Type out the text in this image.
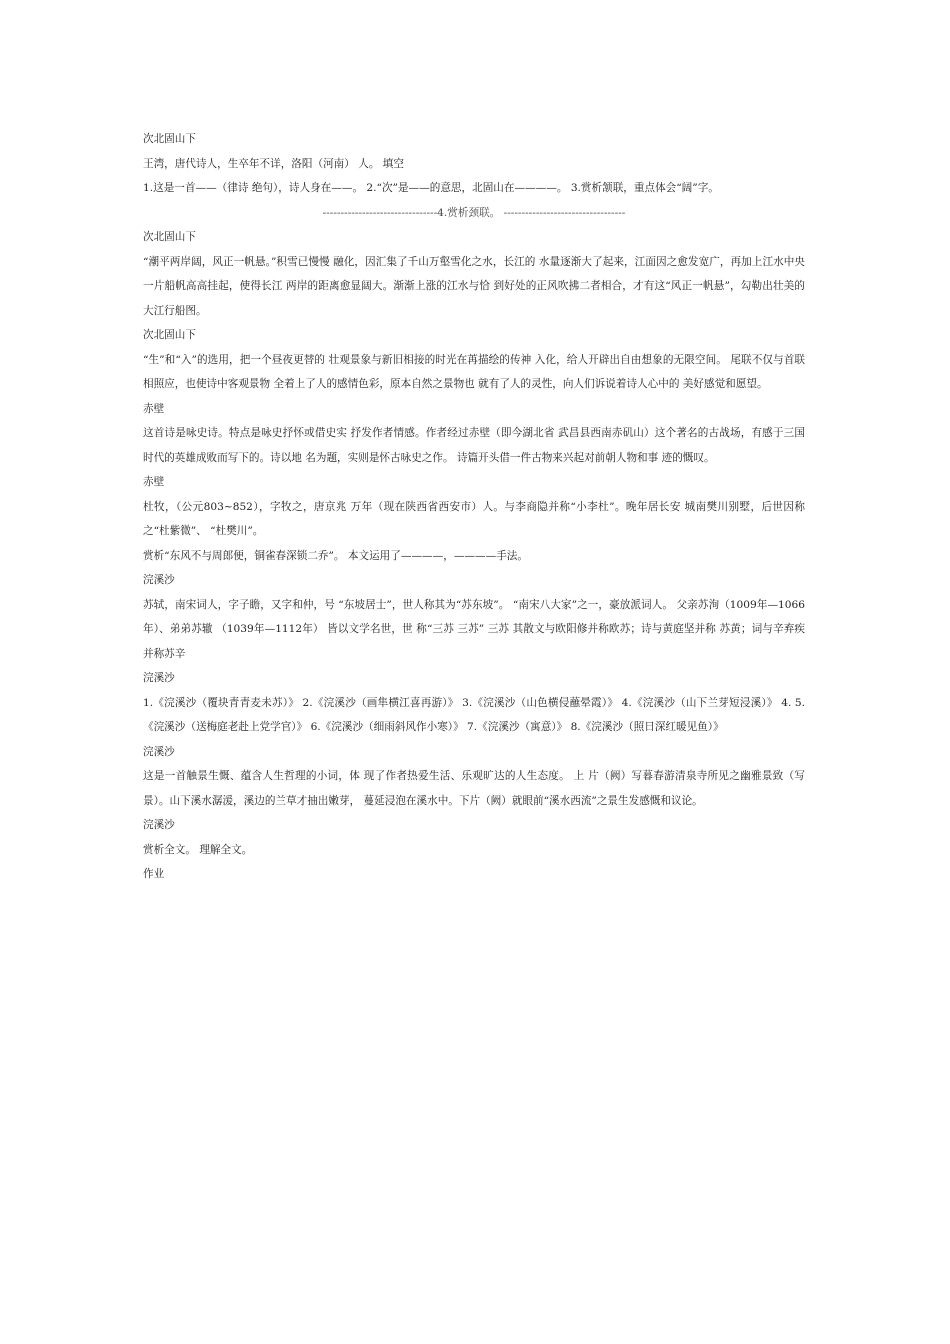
次北固山下

王湾，唐代诗人，生卒年不详，洛阳（河南） 人。 填空

1.这是一首——（律诗 绝句），诗人身在——。 2.“次”是——的意思，北固山在————。 3.赏析颔联，重点体会“阔”字。

--------------------------------4.赏析颈联。 ----------------------------------

次北固山下

“潮平两岸阔，风正一帆悬。”积雪已慢慢 融化，因汇集了千山万壑雪化之水，长江的 水量逐渐大了起来，江面因之愈发宽广，再加上江水中央一片船帆高高挂起，使得长江 两岸的距离愈显阔大。渐渐上涨的江水与恰 到好处的正风吹拂二者相合，才有这“风正一帆悬”，勾勒出壮美的大江行船图。

次北固山下

“生”和“入”的选用，把一个昼夜更替的 壮观景象与新旧相接的时光在苒描绘的传神 入化，给人开辟出自由想象的无限空间。 尾联不仅与首联相照应，也使诗中客观景物 全着上了人的感情色彩，原本自然之景物也 就有了人的灵性，向人们诉说着诗人心中的 美好感觉和愿望。

赤壁

这首诗是咏史诗。特点是咏史抒怀或借史实 抒发作者情感。作者经过赤壁（即今湖北省 武昌县西南赤矶山）这个著名的古战场，有感于三国时代的英雄成败而写下的。诗以地 名为题，实则是怀古咏史之作。 诗篇开头借一件古物来兴起对前朝人物和事 迹的慨叹。

赤壁

杜牧，（公元803~852），字牧之，唐京兆 万年（现在陕西省西安市）人。与李商隐并称“小李杜”。晚年居长安 城南樊川别墅，后世因称之“杜紫微”、 “杜樊川”。

赏析“东风不与周郎便，铜雀春深锁二乔”。 本文运用了————，————手法。

浣溪沙

苏轼，南宋词人，字子瞻，又字和仲，号 “东坡居士”，世人称其为“苏东坡”。 “南宋八大家”之一，豪放派词人。 父亲苏洵（1009年—1066年）、弟弟苏辙 （1039年—1112年） 皆以文学名世，世 称“三苏 三苏” 三苏 其散文与欧阳修并称欧苏；诗与黄庭坚并称 苏黄；词与辛弃疾并称苏辛

浣溪沙

1.《浣溪沙（覆块青青麦未苏）》 2.《浣溪沙（画隼横江喜再游）》 3.《浣溪沙（山色横侵蘸晕霞）》 4.《浣溪沙（山下兰芽短浸溪）》 4. 5.《浣溪沙（送梅庭老赴上党学官）》 6.《浣溪沙（细雨斜风作小寒）》 7.《浣溪沙（寓意）》 8.《浣溪沙（照日深红暖见鱼）》

浣溪沙

这是一首触景生慨、蕴含人生哲理的小词，体 现了作者热爱生活、乐观旷达的人生态度。 上 片（阙）写暮春游清泉寺所见之幽雅景致（写 景）。山下溪水潺湲，溪边的兰草才抽出嫩芽， 蔓延浸泡在溪水中。下片（阙）就眼前“溪水西流”之景生发感慨和议论。

浣溪沙

赏析全文。 理解全文。

作业
